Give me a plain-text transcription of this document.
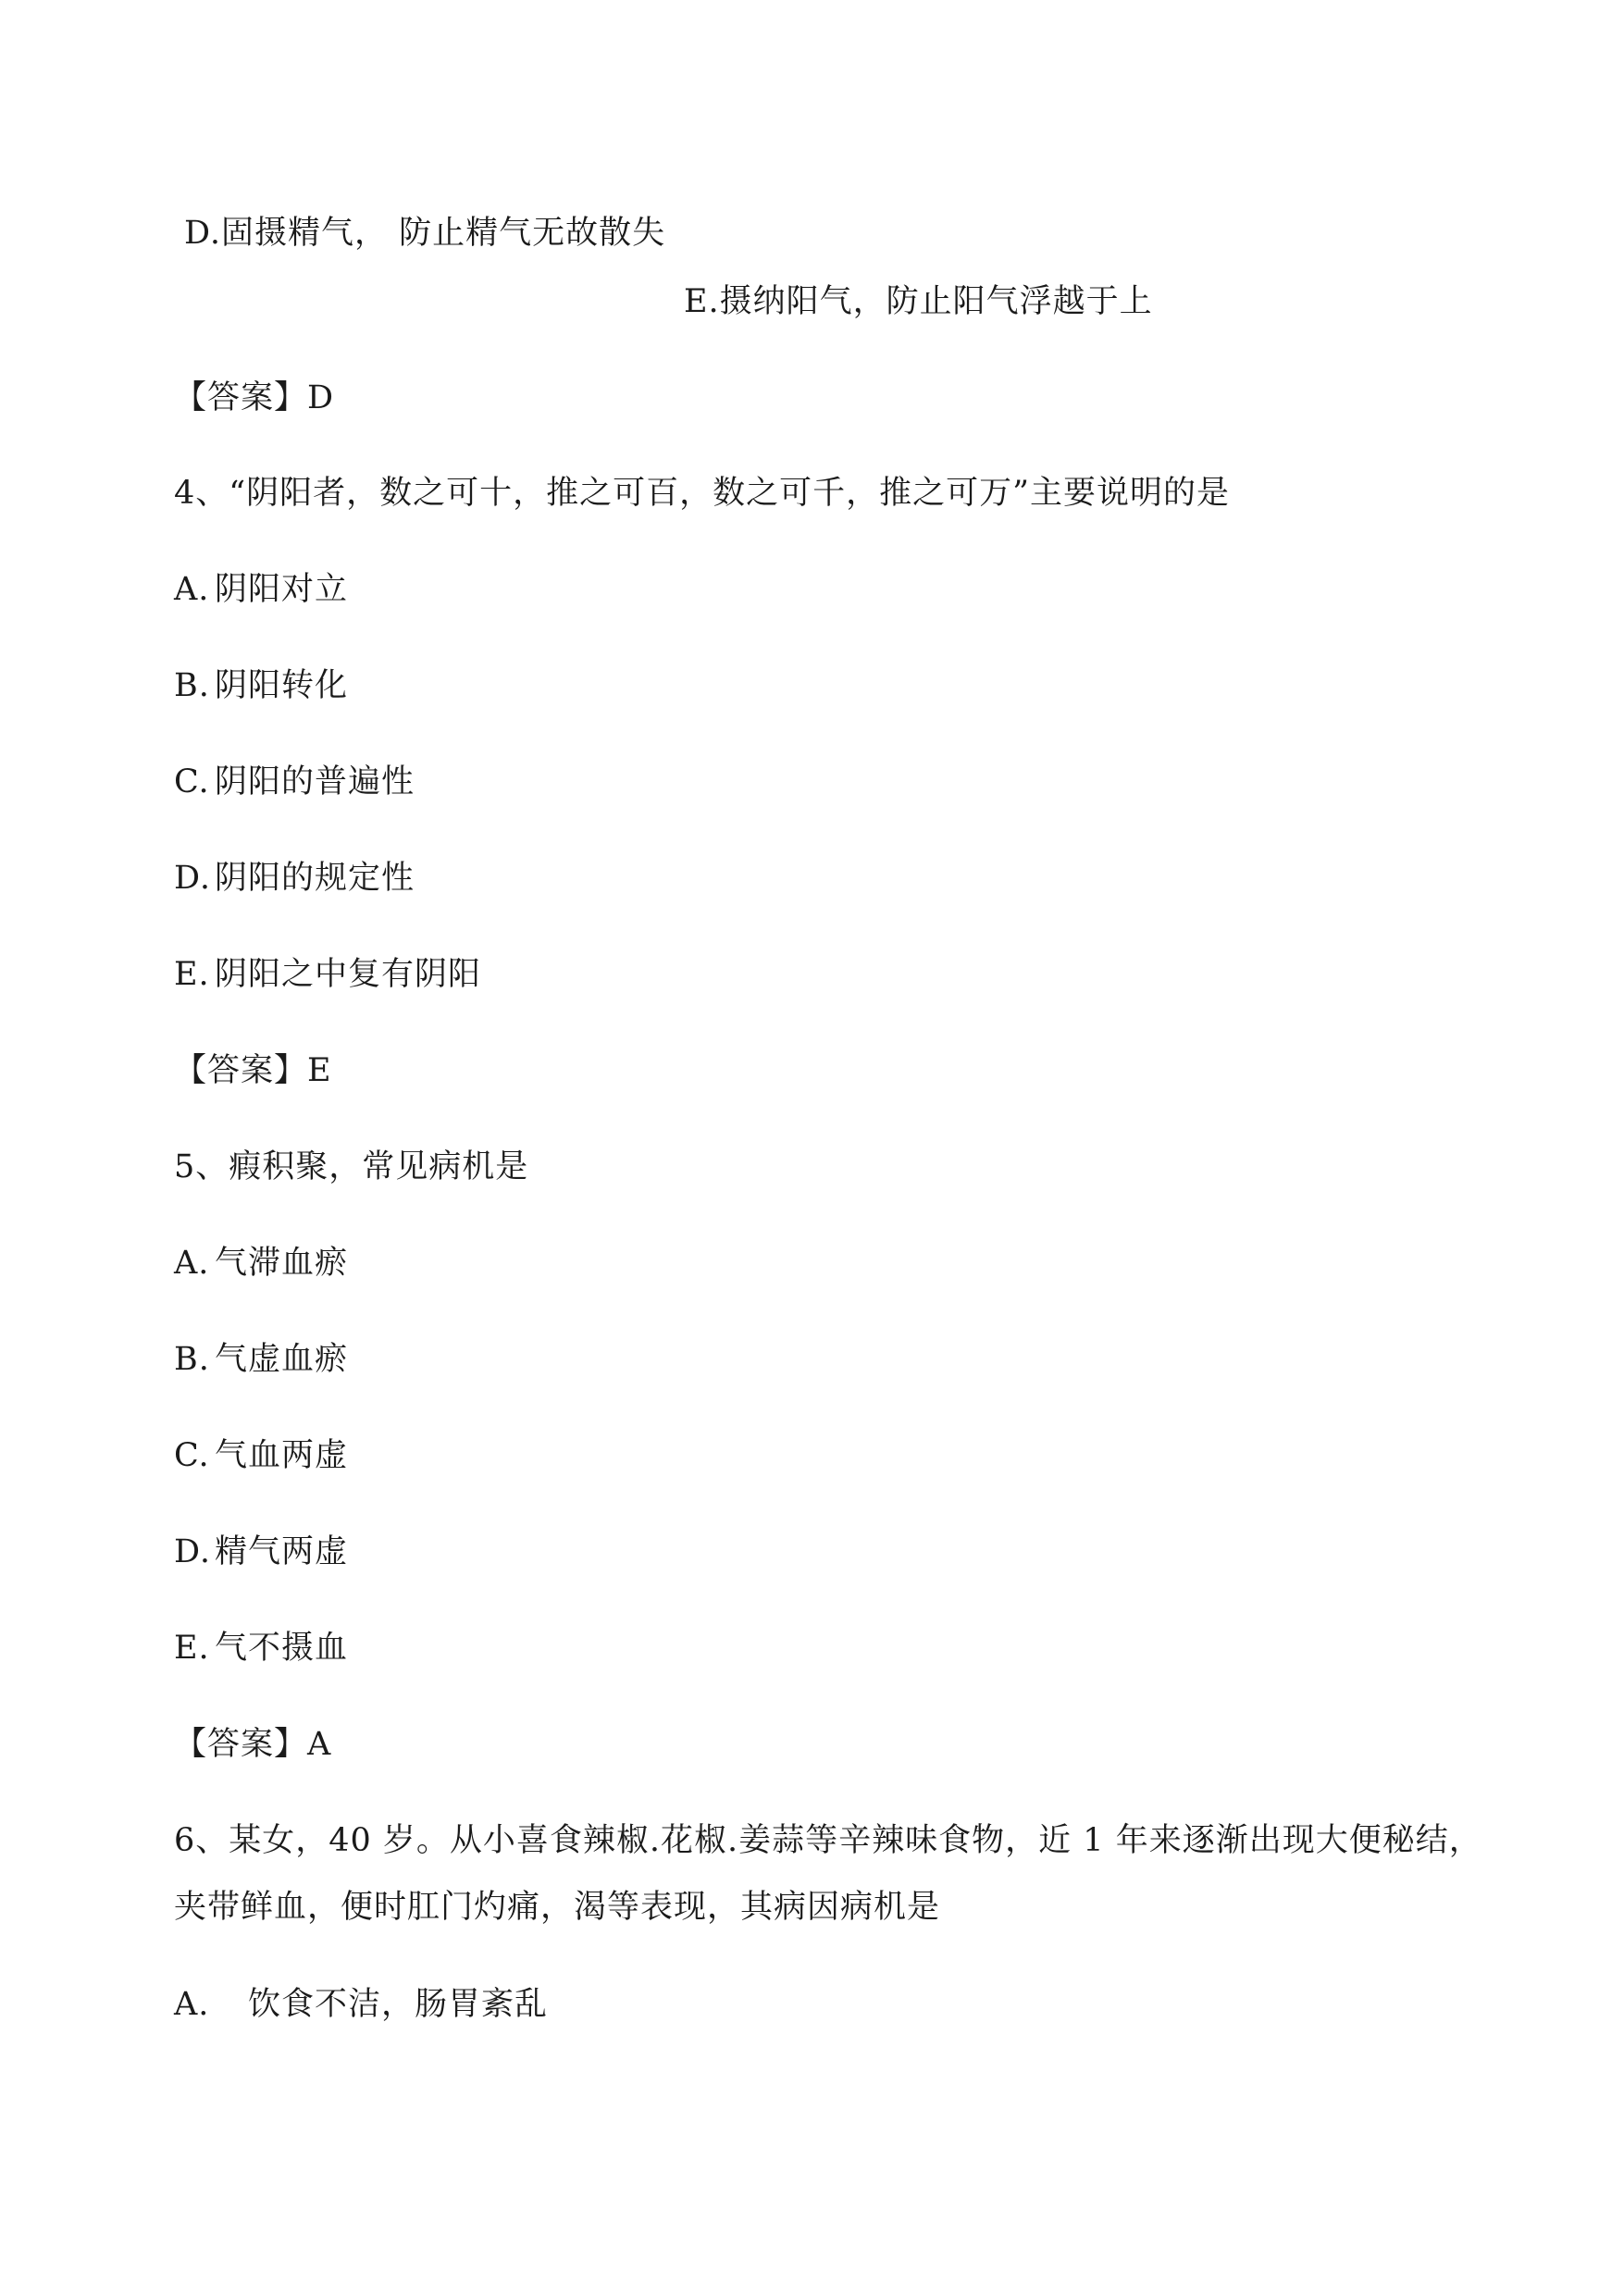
D.固摄精气， 防止精气无故散失
E.摄纳阳气，防止阳气浮越于上
【答案】D
4、“阴阳者，数之可十，推之可百，数之可千，推之可万”主要说明的是
A. 阴阳对立
B. 阴阳转化
C. 阴阳的普遍性
D. 阴阳的规定性
E. 阴阳之中复有阴阳
【答案】E
5、瘕积聚，常见病机是
A. 气滞血瘀
B. 气虚血瘀
C. 气血两虚
D. 精气两虚
E. 气不摄血
【答案】A
6、某女，40 岁。从小喜食辣椒.花椒.姜蒜等辛辣味食物，近 1 年来逐渐出现大便秘结，
夹带鲜血，便时肛门灼痛，渴等表现，其病因病机是
A. 饮食不洁，肠胃紊乱
